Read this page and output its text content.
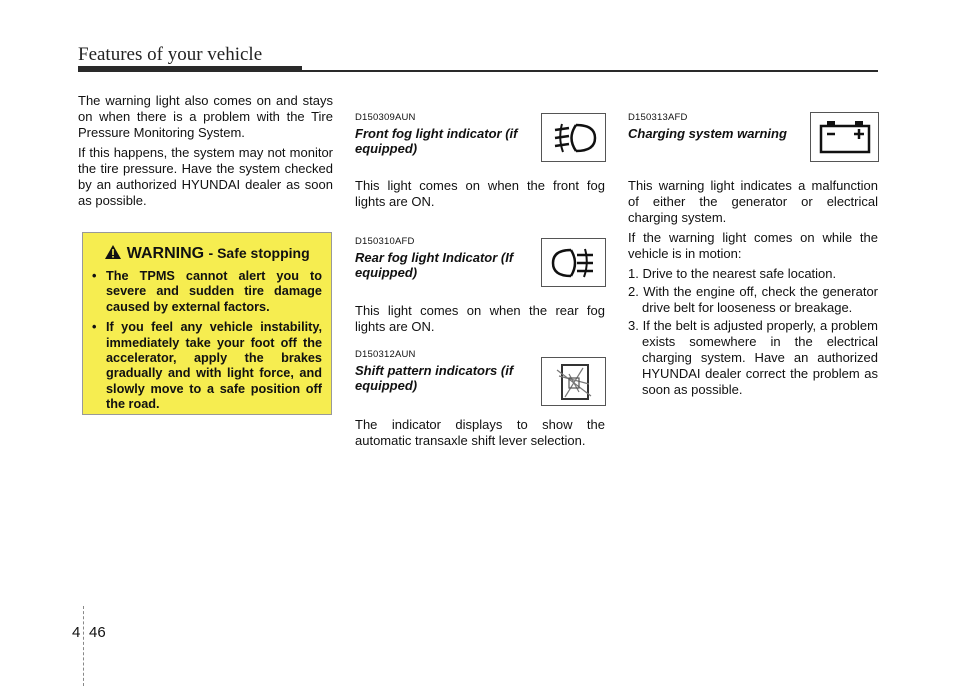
Features of your vehicle

The warning light also comes on and stays on when there is a problem with the Tire Pressure Monitoring System.

If this happens, the system may not monitor the tire pressure. Have the system checked by an authorized HYUNDAI dealer as soon as possible.

WARNING - Safe stopping
• The TPMS cannot alert you to severe and sudden tire damage caused by external factors.
• If you feel any vehicle instability, immediately take your foot off the accelerator, apply the brakes gradually and with light force, and slowly move to a safe position off the road.
D150309AUN
Front fog light indicator (if equipped)
This light comes on when the front fog lights are ON.
D150310AFD
Rear fog light Indicator (If equipped)
This light comes on when the rear fog lights are ON.
D150312AUN
Shift pattern indicators (if equipped)
The indicator displays to show the automatic transaxle shift lever selection.
D150313AFD
Charging system warning
This warning light indicates a malfunction of either the generator or electrical charging system.
If the warning light comes on while the vehicle is in motion:
1. Drive to the nearest safe location.
2. With the engine off, check the generator drive belt for looseness or breakage.
3. If the belt is adjusted properly, a problem exists somewhere in the electrical charging system. Have an authorized HYUNDAI dealer correct the problem as soon as possible.
4 46
